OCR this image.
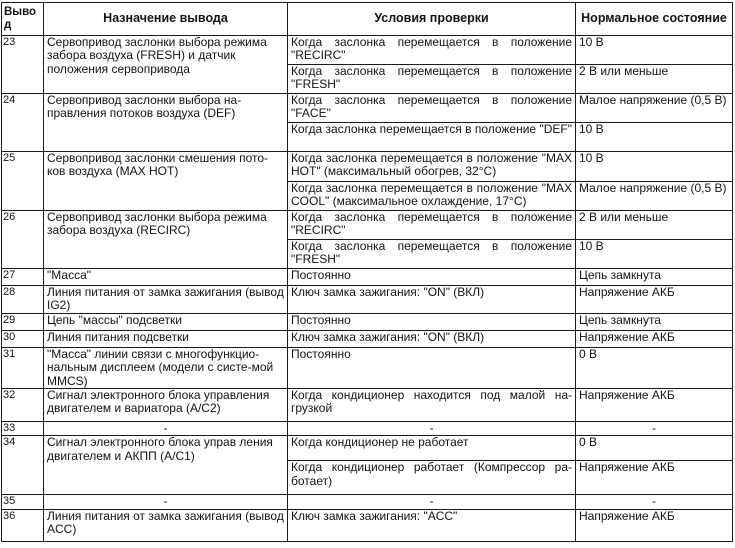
Вывод	Назначение вывода	Условия проверки	Нормальное состояние
23	Сервопривод заслонки выбора режима забора воздуха (FRESH) и датчик положения сервопривода	Когда заслонка перемещается в положение "RECIRC"	10 В
		Когда заслонка перемещается в положение "FRESH"	2 В или меньше
24	Сервопривод заслонки выбора на-правления потоков воздуха (DEF)	Когда заслонка перемещается в положение "FACE"	Малое напряжение (0,5 В)
		Когда заслонка перемещается в положение "DEF"	10 В
25	Сервопривод заслонки смешения пото-ков воздуха (MAX HOT)	Когда заслонка перемещается в положение "MAX HOT" (максимальный обогрев, 32°C)	10 В
		Когда заслонка перемещается в положение "MAX COOL" (максимальное охлаждение, 17°C)	Малое напряжение (0,5 В)
26	Сервопривод заслонки выбора режима забора воздуха (RECIRC)	Когда заслонка перемещается в положение "RECIRC"	2 В или меньше
		Когда заслонка перемещается в положение "FRESH"	10 В
27	"Масса"	Постоянно	Цепь замкнута
28	Линия питания от замка зажигания (вывод IG2)	Ключ замка зажигания: "ON" (ВКЛ)	Напряжение АКБ
29	Цепь "массы" подсветки	Постоянно	Цепь замкнута
30	Линия питания подсветки	Ключ замка зажигания: "ON" (ВКЛ)	Напряжение АКБ
31	"Масса" линии связи с многофункцио-нальным дисплеем (модели с систе-мой MMCS)	Постоянно	0 В
32	Сигнал электронного блока управления двигателем и вариатора (A/C2)	Когда кондиционер находится под малой на-грузкой	Напряжение АКБ
33	-	-	-
34	Сигнал электронного блока управ ления двигателем и АКПП (A/C1)	Когда кондиционер не работает	0 В
		Когда кондиционер работает (Компрессор ра-ботает)	Напряжение АКБ
35	-	-	-
36	Линия питания от замка зажигания (вывод ACC)	Ключ замка зажигания: "ACC"	Напряжение АКБ
